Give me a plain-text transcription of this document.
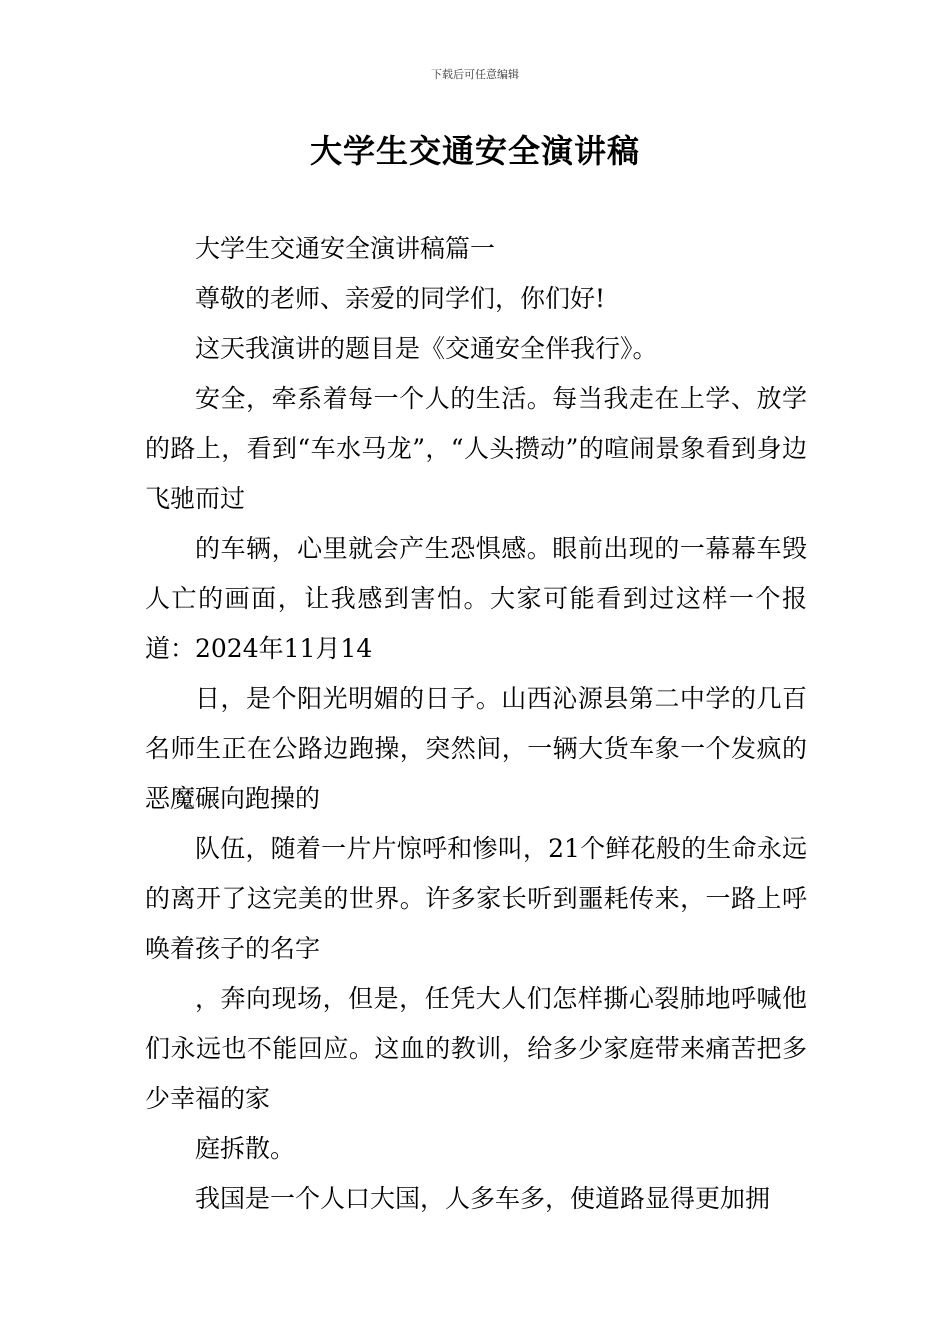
下载后可任意编辑
大学生交通安全演讲稿

大学生交通安全演讲稿篇一

尊敬的老师、亲爱的同学们，你们好!

这天我演讲的题目是《交通安全伴我行》。

安全，牵系着每一个人的生活。每当我走在上学、放学的路上，看到“车水马龙”，“人头攒动”的喧闹景象看到身边飞驰而过

的车辆，心里就会产生恐惧感。眼前出现的一幕幕车毁人亡的画面，让我感到害怕。大家可能看到过这样一个报道：2024年11月14

日，是个阳光明媚的日子。山西沁源县第二中学的几百名师生正在公路边跑操，突然间，一辆大货车象一个发疯的恶魔碾向跑操的

队伍，随着一片片惊呼和惨叫，21个鲜花般的生命永远的离开了这完美的世界。许多家长听到噩耗传来，一路上呼唤着孩子的名字

，奔向现场，但是，任凭大人们怎样撕心裂肺地呼喊他们永远也不能回应。这血的教训，给多少家庭带来痛苦把多少幸福的家

庭拆散。

我国是一个人口大国，人多车多，使道路显得更加拥
